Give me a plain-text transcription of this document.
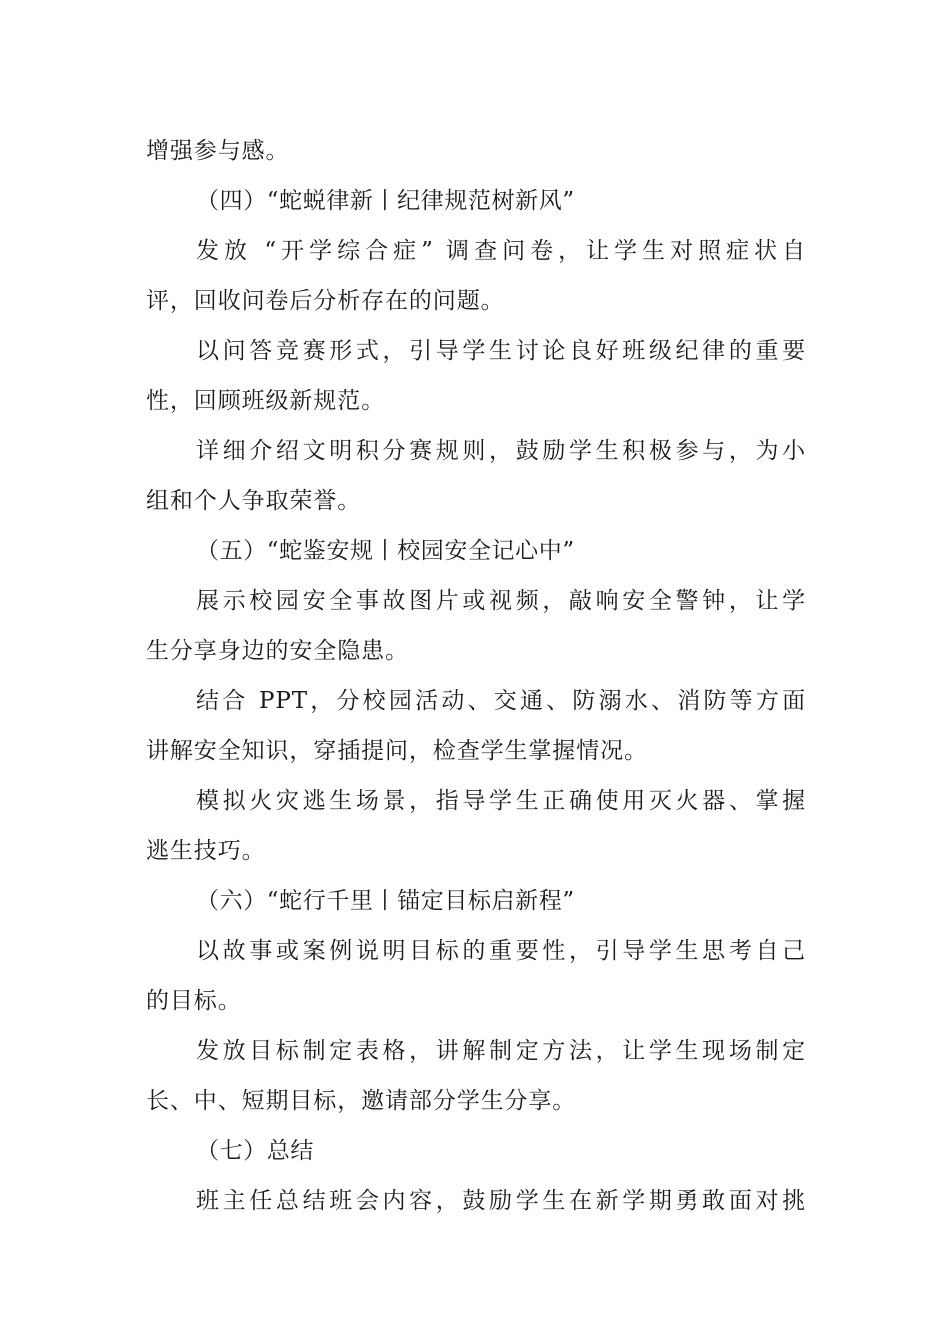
增强参与感。
（四）“蛇蜕律新丨纪律规范树新风”
发放 “开学综合症” 调查问卷，让学生对照症状自
评，回收问卷后分析存在的问题。
以问答竞赛形式，引导学生讨论良好班级纪律的重要
性，回顾班级新规范。
详细介绍文明积分赛规则，鼓励学生积极参与，为小
组和个人争取荣誉。
（五）“蛇鉴安规丨校园安全记心中”
展示校园安全事故图片或视频，敲响安全警钟，让学
生分享身边的安全隐患。
结合 PPT，分校园活动、交通、防溺水、消防等方面
讲解安全知识，穿插提问，检查学生掌握情况。
模拟火灾逃生场景，指导学生正确使用灭火器、掌握
逃生技巧。
（六）“蛇行千里丨锚定目标启新程”
以故事或案例说明目标的重要性，引导学生思考自己
的目标。
发放目标制定表格，讲解制定方法，让学生现场制定
长、中、短期目标，邀请部分学生分享。
（七）总结
班主任总结班会内容，鼓励学生在新学期勇敢面对挑
